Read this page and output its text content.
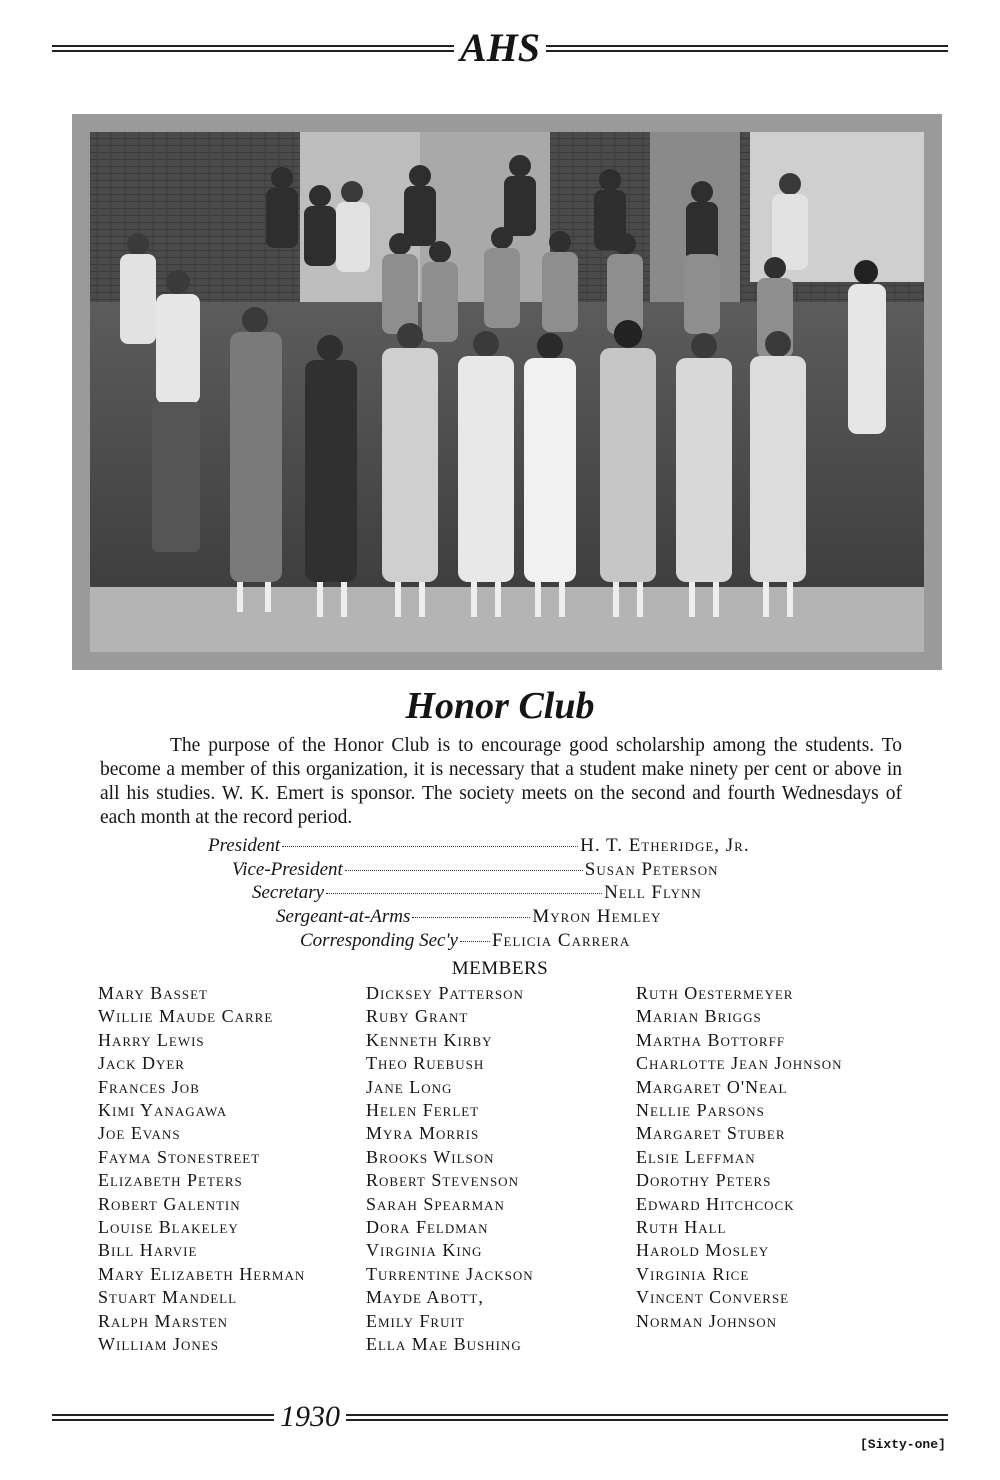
AHS
Honor Club

The purpose of the Honor Club is to encourage good scholarship among the students. To become a member of this organization, it is necessary that a student make ninety per cent or above in all his studies. W. K. Emert is sponsor. The society meets on the second and fourth Wednesdays of each month at the record period.

President	H. T. Etheridge, Jr.
Vice-President	Susan Peterson
Secretary	Nell Flynn
Sergeant-at-Arms	Myron Hemley
Corresponding Sec'y Felicia Carrera
MEMBERS
Mary Basset
Willie Maude Carre
Harry Lewis
Jack Dyer
Frances Job
Kimi Yanagawa
Joe Evans
Fayma Stonestreet
Elizabeth Peters
Robert Galentin
Louise Blakeley
Bill Harvie
Mary Elizabeth Herman
Stuart Mandell
Ralph Marsten
William Jones
Dicksey Patterson
Ruby Grant
Kenneth Kirby
Theo Ruebush
Jane Long
Helen Ferlet
Myra Morris
Brooks Wilson
Robert Stevenson
Sarah Spearman
Dora Feldman
Virginia King
Turrentine Jackson
Mayde Abott,
Emily Fruit
Ella Mae Bushing
Ruth Oestermeyer
Marian Briggs
Martha Bottorff
Charlotte Jean Johnson
Margaret O'Neal
Nellie Parsons
Margaret Stuber
Elsie Leffman
Dorothy Peters
Edward Hitchcock
Ruth Hall
Harold Mosley
Virginia Rice
Vincent Converse
Norman Johnson
1930
[Sixty-one]
